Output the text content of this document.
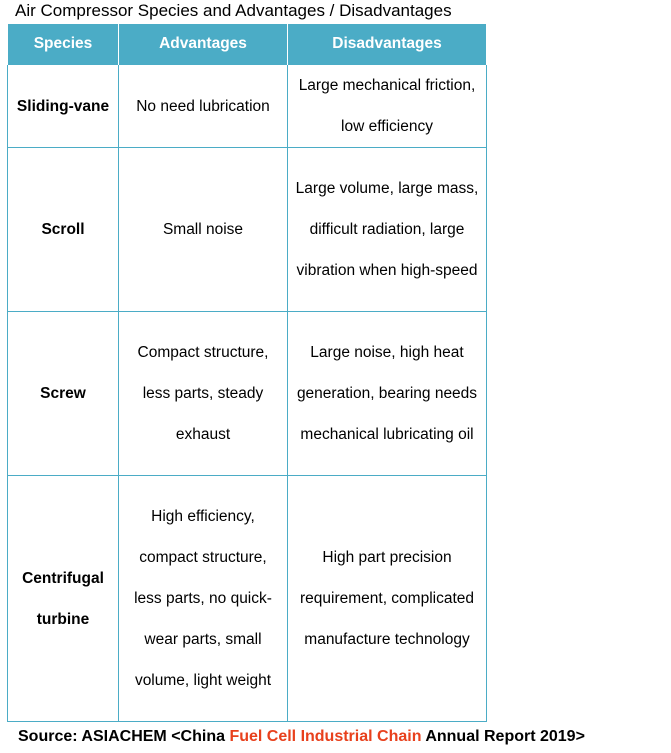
Air Compressor Species and Advantages / Disadvantages
Species	Advantages	Disadvantages
Sliding-vane	No need lubrication	Large mechanical friction, low efficiency
Scroll	Small noise	Large volume, large mass, difficult radiation, large vibration when high-speed
Screw	Compact structure, less parts, steady exhaust	Large noise, high heat generation, bearing needs mechanical lubricating oil
Centrifugal turbine	High efficiency, compact structure, less parts, no quick-wear parts, small volume, light weight	High part precision requirement, complicated manufacture technology
Source: ASIACHEM <China Fuel Cell Industrial Chain Annual Report 2019>
